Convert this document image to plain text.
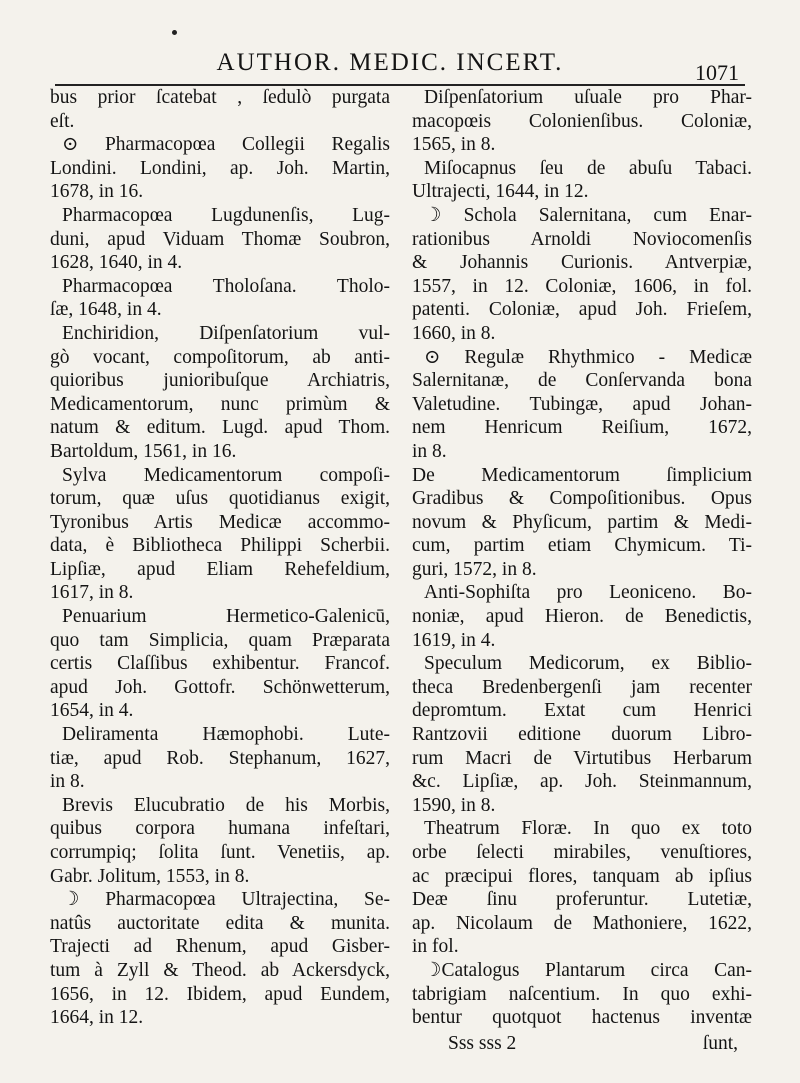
AUTHOR. MEDIC. INCERT.	1071
bus prior ſcatebat , ſedulò purgata
eſt.
⊙ Pharmacopœa Collegii Regalis
Londini. Londini, ap. Joh. Martin,
1678, in 16.
Pharmacopœa Lugdunenſis, Lug-
duni, apud Viduam Thomæ Soubron,
1628, 1640, in 4.
Pharmacopœa Tholoſana. Tholo-
ſæ, 1648, in 4.
Enchiridion, Diſpenſatorium vul-
gò vocant, compoſitorum, ab anti-
quioribus junioribuſque Archiatris,
Medicamentorum, nunc primùm &
natum & editum. Lugd. apud Thom.
Bartoldum, 1561, in 16.
Sylva Medicamentorum compoſi-
torum, quæ uſus quotidianus exigit,
Tyronibus Artis Medicæ accommo-
data, è Bibliotheca Philippi Scherbii.
Lipſiæ, apud Eliam Rehefeldium,
1617, in 8.
Penuarium Hermetico-Galenicū,
quo tam Simplicia, quam Præparata
certis Claſſibus exhibentur. Francof.
apud Joh. Gottofr. Schönwetterum,
1654, in 4.
Deliramenta Hæmophobi. Lute-
tiæ, apud Rob. Stephanum, 1627,
in 8.
Brevis Elucubratio de his Morbis,
quibus corpora humana infeſtari,
corrumpiq; ſolita ſunt. Venetiis, ap.
Gabr. Jolitum, 1553, in 8.
☽ Pharmacopœa Ultrajectina, Se-
natûs auctoritate edita & munita.
Trajecti ad Rhenum, apud Gisber-
tum à Zyll & Theod. ab Ackersdyck,
1656, in 12. Ibidem, apud Eundem,
1664, in 12.
Diſpenſatorium uſuale pro Phar-
macopœis Colonienſibus. Coloniæ,
1565, in 8.
Miſocapnus ſeu de abuſu Tabaci.
Ultrajecti, 1644, in 12.
☽ Schola Salernitana, cum Enar-
rationibus Arnoldi Noviocomenſis
& Johannis Curionis. Antverpiæ,
1557, in 12. Coloniæ, 1606, in fol.
patenti. Coloniæ, apud Joh. Frieſem,
1660, in 8.
⊙ Regulæ Rhythmico - Medicæ
Salernitanæ, de Conſervanda bona
Valetudine. Tubingæ, apud Johan-
nem Henricum Reiſium, 1672,
in 8.
De Medicamentorum ſimplicium
Gradibus & Compoſitionibus. Opus
novum & Phyſicum, partim & Medi-
cum, partim etiam Chymicum. Ti-
guri, 1572, in 8.
Anti-Sophiſta pro Leoniceno. Bo-
noniæ, apud Hieron. de Benedictis,
1619, in 4.
Speculum Medicorum, ex Biblio-
theca Bredenbergenſi jam recenter
depromtum. Extat cum Henrici
Rantzovii editione duorum Libro-
rum Macri de Virtutibus Herbarum
&c. Lipſiæ, ap. Joh. Steinmannum,
1590, in 8.
Theatrum Floræ. In quo ex toto
orbe ſelecti mirabiles, venuſtiores,
ac præcipui flores, tanquam ab ipſius
Deæ ſinu proferuntur. Lutetiæ,
ap. Nicolaum de Mathoniere, 1622,
in fol.
☽Catalogus Plantarum circa Can-
tabrigiam naſcentium. In quo exhi-
bentur quotquot hactenus inventæ
Sss sss 2	ſunt,
